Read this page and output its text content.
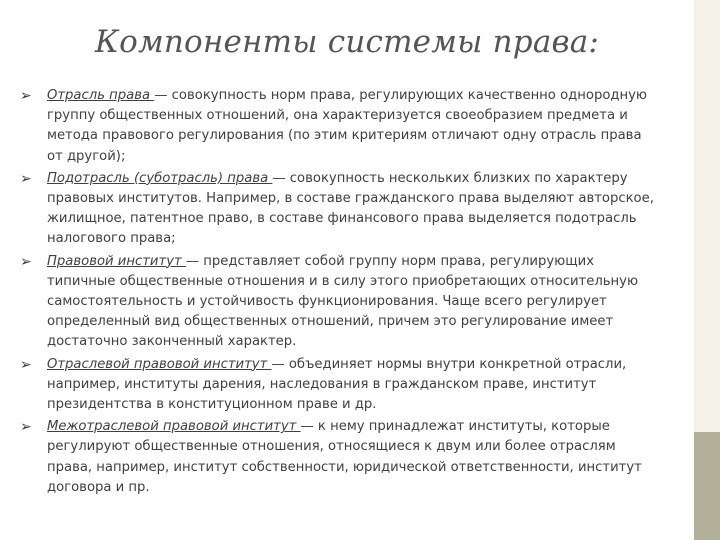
Компоненты системы права:
➢ Отрасль права — совокупность норм права, регулирующих качественно однородную группу общественных отношений, она характеризуется своеобразием предмета и метода правового регулирования (по этим критериям отличают одну отрасль права от другой);
➢ Подотрасль (суботрасль) права — совокупность нескольких близких по характеру правовых институтов. Например, в составе гражданского права выделяют авторское, жилищное, патентное право, в составе финансового права выделяется подотрасль налогового права;
➢ Правовой институт — представляет собой группу норм права, регулирующих типичные общественные отношения и в силу этого приобретающих относительную самостоятельность и устойчивость функционирования. Чаще всего регулирует определенный вид общественных отношений, причем это регулирование имеет достаточно законченный характер.
➢ Отраслевой правовой институт — объединяет нормы внутри конкретной отрасли, например, институты дарения, наследования в гражданском праве, институт президентства в конституционном праве и др.
➢ Межотраслевой правовой институт — к нему принадлежат институты, которые регулируют общественные отношения, относящиеся к двум или более отраслям права, например, институт собственности, юридической ответственности, институт договора и пр.
